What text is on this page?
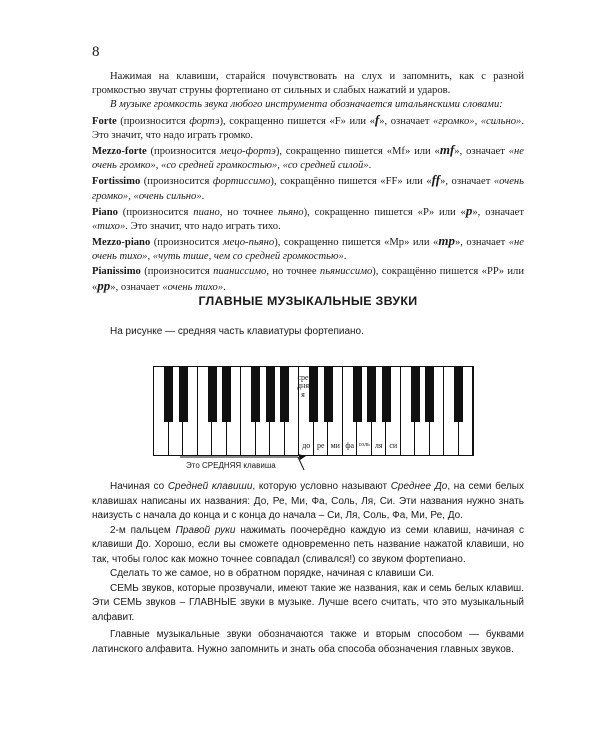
8

Нажимая на клавиши, старайся почувствовать на слух и запомнить, как с разной громкостью звучат струны фортепиано от сильных и слабых нажатий и ударов.

В музыке громкость звука любого инструмента обозначается итальянскими словами:

Forte (произносится фортэ), сокращенно пишется «F» или «f», означает «громко», «сильно». Это значит, что надо играть громко.

Mezzo-forte (произносится мецо-фортэ), сокращенно пишется «Mf» или «mf», означает «не очень громко», «со средней громкостью», «со средней силой».

Fortissimo (произносится фортиссимо), сокращённо пишется «FF» или «ff», означает «очень громко», «очень сильно».

Piano (произносится пиано, но точнее пьяно), сокращенно пишется «P» или «p», означает «тихо». Это значит, что надо играть тихо.

Mezzo-piano (произносится мецо-пьяно), сокращенно пишется «Mp» или «mp», означает «не очень тихо», «чуть тише, чем со средней громкостью».

Pianissimo (произносится пианиссимо, но точнее пьяниссимо), сокращённо пишется «PP» или «pp», означает «очень тихо».

ГЛАВНЫЕ МУЗЫКАЛЬНЫЕ ЗВУКИ
На рисунке — средняя часть клавиатуры фортепиано.
до ре ми фа соль ля си
средняя
Это СРЕДНЯЯ клавиша

Начиная со Средней клавиши, которую условно называют Среднее До, на семи белых клавишах написаны их названия: До, Ре, Ми, Фа, Соль, Ля, Си. Эти названия нужно знать наизусть с начала до конца и с конца до начала – Си, Ля, Соль, Фа, Ми, Ре, До.

2-м пальцем Правой руки нажимать поочерёдно каждую из семи клавиш, начиная с клавиши До. Хорошо, если вы сможете одновременно петь название нажатой клавиши, но так, чтобы голос как можно точнее совпадал (сливался!) со звуком фортепиано.

Сделать то же самое, но в обратном порядке, начиная с клавиши Си.

СЕМЬ звуков, которые прозвучали, имеют такие же названия, как и семь белых клавиш. Эти СЕМЬ звуков – ГЛАВНЫЕ звуки в музыке. Лучше всего считать, что это музыкальный алфавит.

Главные музыкальные звуки обозначаются также и вторым способом — буквами латинского алфавита. Нужно запомнить и знать оба способа обозначения главных звуков.
